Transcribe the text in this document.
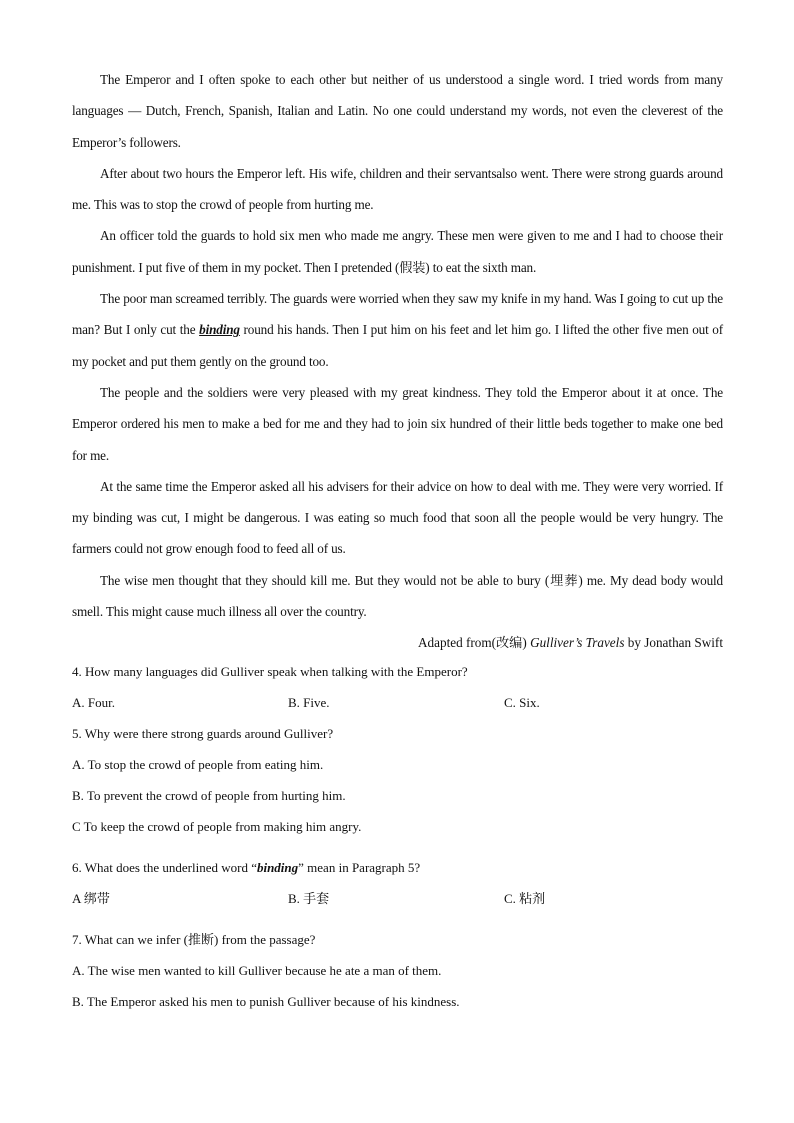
The Emperor and I often spoke to each other but neither of us understood a single word. I tried words from many languages — Dutch, French, Spanish, Italian and Latin. No one could understand my words, not even the cleverest of the Emperor’s followers.

After about two hours the Emperor left. His wife, children and their servantsalso went. There were strong guards around me. This was to stop the crowd of people from hurting me.

An officer told the guards to hold six men who made me angry. These men were given to me and I had to choose their punishment. I put five of them in my pocket. Then I pretended (假装) to eat the sixth man.

The poor man screamed terribly. The guards were worried when they saw my knife in my hand. Was I going to cut up the man? But I only cut the binding round his hands. Then I put him on his feet and let him go. I lifted the other five men out of my pocket and put them gently on the ground too.

The people and the soldiers were very pleased with my great kindness. They told the Emperor about it at once. The Emperor ordered his men to make a bed for me and they had to join six hundred of their little beds together to make one bed for me.

At the same time the Emperor asked all his advisers for their advice on how to deal with me. They were very worried. If my binding was cut, I might be dangerous. I was eating so much food that soon all the people would be very hungry. The farmers could not grow enough food to feed all of us.

The wise men thought that they should kill me. But they would not be able to bury (埋葬) me. My dead body would smell. This might cause much illness all over the country.

Adapted from(改编) Gulliver’s Travels by Jonathan Swift

4. How many languages did Gulliver speak when talking with the Emperor?
A. Four.	B. Five.	C. Six.
5. Why were there strong guards around Gulliver?
A. To stop the crowd of people from eating him.
B. To prevent the crowd of people from hurting him.
C To keep the crowd of people from making him angry.
6. What does the underlined word “binding” mean in Paragraph 5?
A 绑带	B. 手套	C. 粘剂
7. What can we infer (推断) from the passage?
A. The wise men wanted to kill Gulliver because he ate a man of them.
B. The Emperor asked his men to punish Gulliver because of his kindness.
